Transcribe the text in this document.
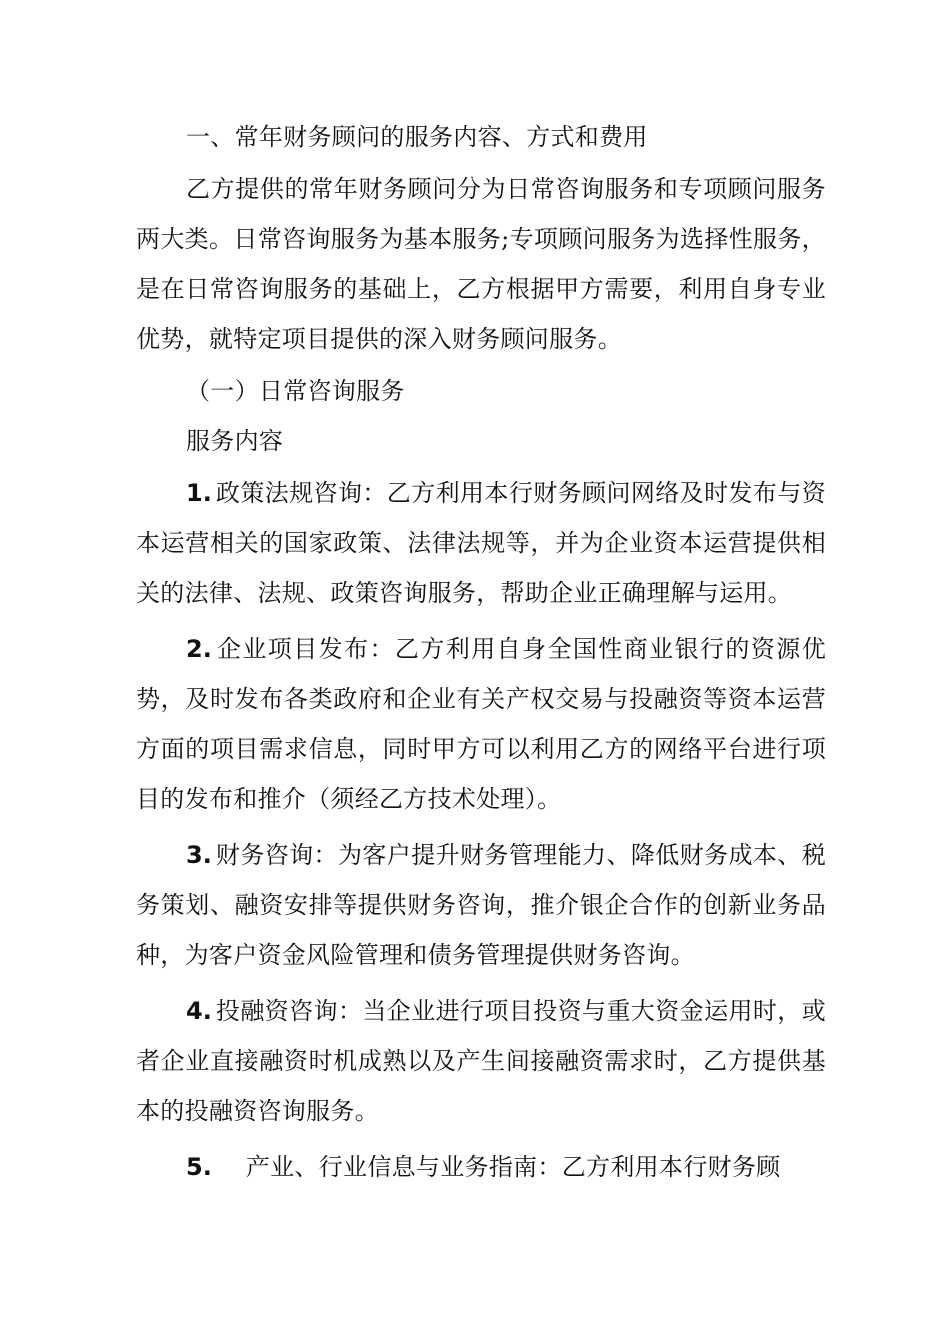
一、常年财务顾问的服务内容、方式和费用

乙方提供的常年财务顾问分为日常咨询服务和专项顾问服务两大类。日常咨询服务为基本服务;专项顾问服务为选择性服务，是在日常咨询服务的基础上，乙方根据甲方需要，利用自身专业优势，就特定项目提供的深入财务顾问服务。

（一）日常咨询服务

服务内容

1. 政策法规咨询：乙方利用本行财务顾问网络及时发布与资本运营相关的国家政策、法律法规等，并为企业资本运营提供相关的法律、法规、政策咨询服务，帮助企业正确理解与运用。

2. 企业项目发布：乙方利用自身全国性商业银行的资源优势，及时发布各类政府和企业有关产权交易与投融资等资本运营方面的项目需求信息，同时甲方可以利用乙方的网络平台进行项目的发布和推介（须经乙方技术处理）。

3. 财务咨询：为客户提升财务管理能力、降低财务成本、税务策划、融资安排等提供财务咨询，推介银企合作的创新业务品种，为客户资金风险管理和债务管理提供财务咨询。

4. 投融资咨询：当企业进行项目投资与重大资金运用时，或者企业直接融资时机成熟以及产生间接融资需求时，乙方提供基本的投融资咨询服务。

5. 产业、行业信息与业务指南：乙方利用本行财务顾
